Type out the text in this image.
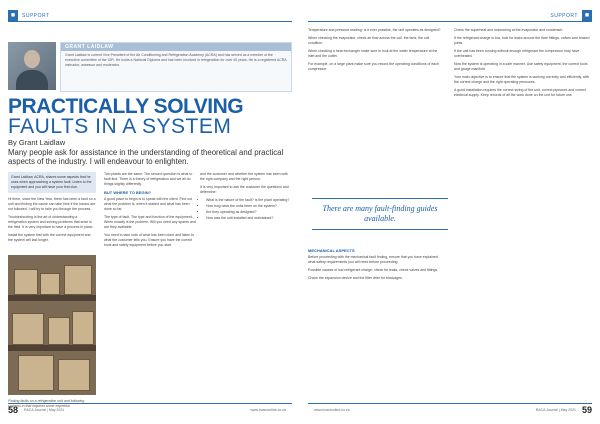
■	SUPPORT
GRANT LAIDLAW
Grant Laidlaw is current Vice President of the Air Conditioning and Refrigeration Academy (ACRA) and has served as a member of the executive committee of the IOR. He holds a National Diploma and has been involved in refrigeration for over 40 years. He is a registered ACRA instructor, assessor and moderator.
PRACTICALLY SOLVING
FAULTS IN A SYSTEM
By Grant Laidlaw
Many people ask for assistance in the understanding of theoretical and practical aspects of the industry. I will endeavour to enlighten.
Grant Laidlaw, ACRA, shares some aspects that he uses when approaching a system fault. Listen to the equipment and you will have your first clue.

Hi there, since the New Year, there has been a fault on a unit and finding the cause can take time if the basics are not followed. I will try to take you through the process.

Troubleshooting is the art of understanding a refrigeration system and solving problems that arise in the field. It is very important to have a process in place.

Install the system first with the correct equipment and the system will last longer.

Finding faults on a refrigeration unit and following systems in that requires some expertise.

Two plants are the same. The second question is what to fault find. There is a theory of refrigeration and we all do things slightly differently.

BUT WHERE TO BEGIN?

A good place to begin is to speak with the client. Find out what the problem is, when it started and what has been done so far.

The type of fault. The type and function of the equipment. When exactly is the problem. Will you need any spares and are they available.

You need to take note of what has been done and listen to what the customer tells you. Ensure you have the correct tools and safety equipment before you start.

and the customer and whether the system has been with the right company and the right person.

It is very important to ask the customer the questions and determine:

• What is the nature of the fault? Is the plant operating?
• How long have the units been on the system?
• Are they operating as designed?
• How was the unit installed and maintained?
58 RACA Journal | May 2021	www.hvacronline.co.za
SUPPORT ■

Temperature and pressure reading: Is it ever possible, the unit operates as designed?

When checking the evaporator, check air flow across the coil, the fans, the coil condition.

When checking a heat exchanger make sure to look at the water temperature at the inlet and the outlet.

For example, on a large plant make sure you record the operating conditions of each compressor.

There are many fault-finding guides available.
MECHANICAL ASPECTS

Before proceeding with the mechanical fault finding, ensure that you have explained what safety requirements you will need before proceeding.

Possible causes of low refrigerant charge: check for leaks, check valves and fittings.

Check the expansion device and the filter drier for blockages.

Check the superheat and subcooling at the evaporator and condenser.

If the refrigerant charge is low, look for leaks around the flare fittings, valves and brazed joints.

If the unit has been running without enough refrigerant the compressor may have overheated.

Now the system is operating in a safe manner. Use safety equipment, the correct tools and gauge manifold.

Your main objective is to ensure that the system is working correctly and efficiently, with the correct charge and the right operating pressures.

A good installation requires the correct sizing of the unit, correct pipework and correct electrical supply. Keep records of all the work done on the unit for future use.

www.hvacronline.co.za	RACA Journal | May 2021 59
